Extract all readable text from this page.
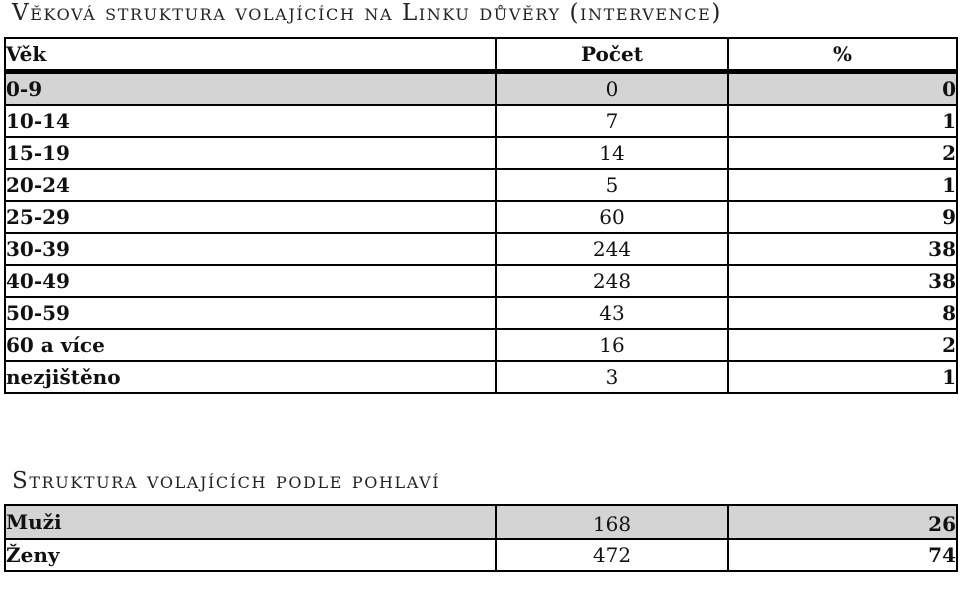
Věková struktura volajících na Linku důvěry (intervence)
Věk	Počet	%
0-9	0	0
10-14	7	1
15-19	14	2
20-24	5	1
25-29	60	9
30-39	244	38
40-49	248	38
50-59	43	8
60 a více	16	2
nezjištěno	3	1
Struktura volajících podle pohlaví
Muži	168	26
Ženy	472	74
